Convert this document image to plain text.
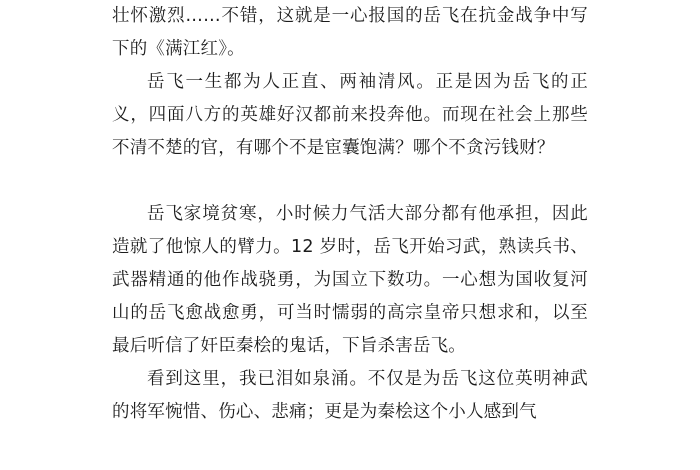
壮怀激烈……不错，这就是一心报国的岳飞在抗金战争中写下的《满江红》。

岳飞一生都为人正直、两袖清风。正是因为岳飞的正义，四面八方的英雄好汉都前来投奔他。而现在社会上那些不清不楚的官，有哪个不是宦囊饱满？哪个不贪污钱财？

岳飞家境贫寒，小时候力气活大部分都有他承担，因此造就了他惊人的臂力。12 岁时，岳飞开始习武，熟读兵书、武器精通的他作战骁勇，为国立下数功。一心想为国收复河山的岳飞愈战愈勇，可当时懦弱的高宗皇帝只想求和，以至最后听信了奸臣秦桧的鬼话，下旨杀害岳飞。

看到这里，我已泪如泉涌。不仅是为岳飞这位英明神武的将军惋惜、伤心、悲痛；更是为秦桧这个小人感到气
